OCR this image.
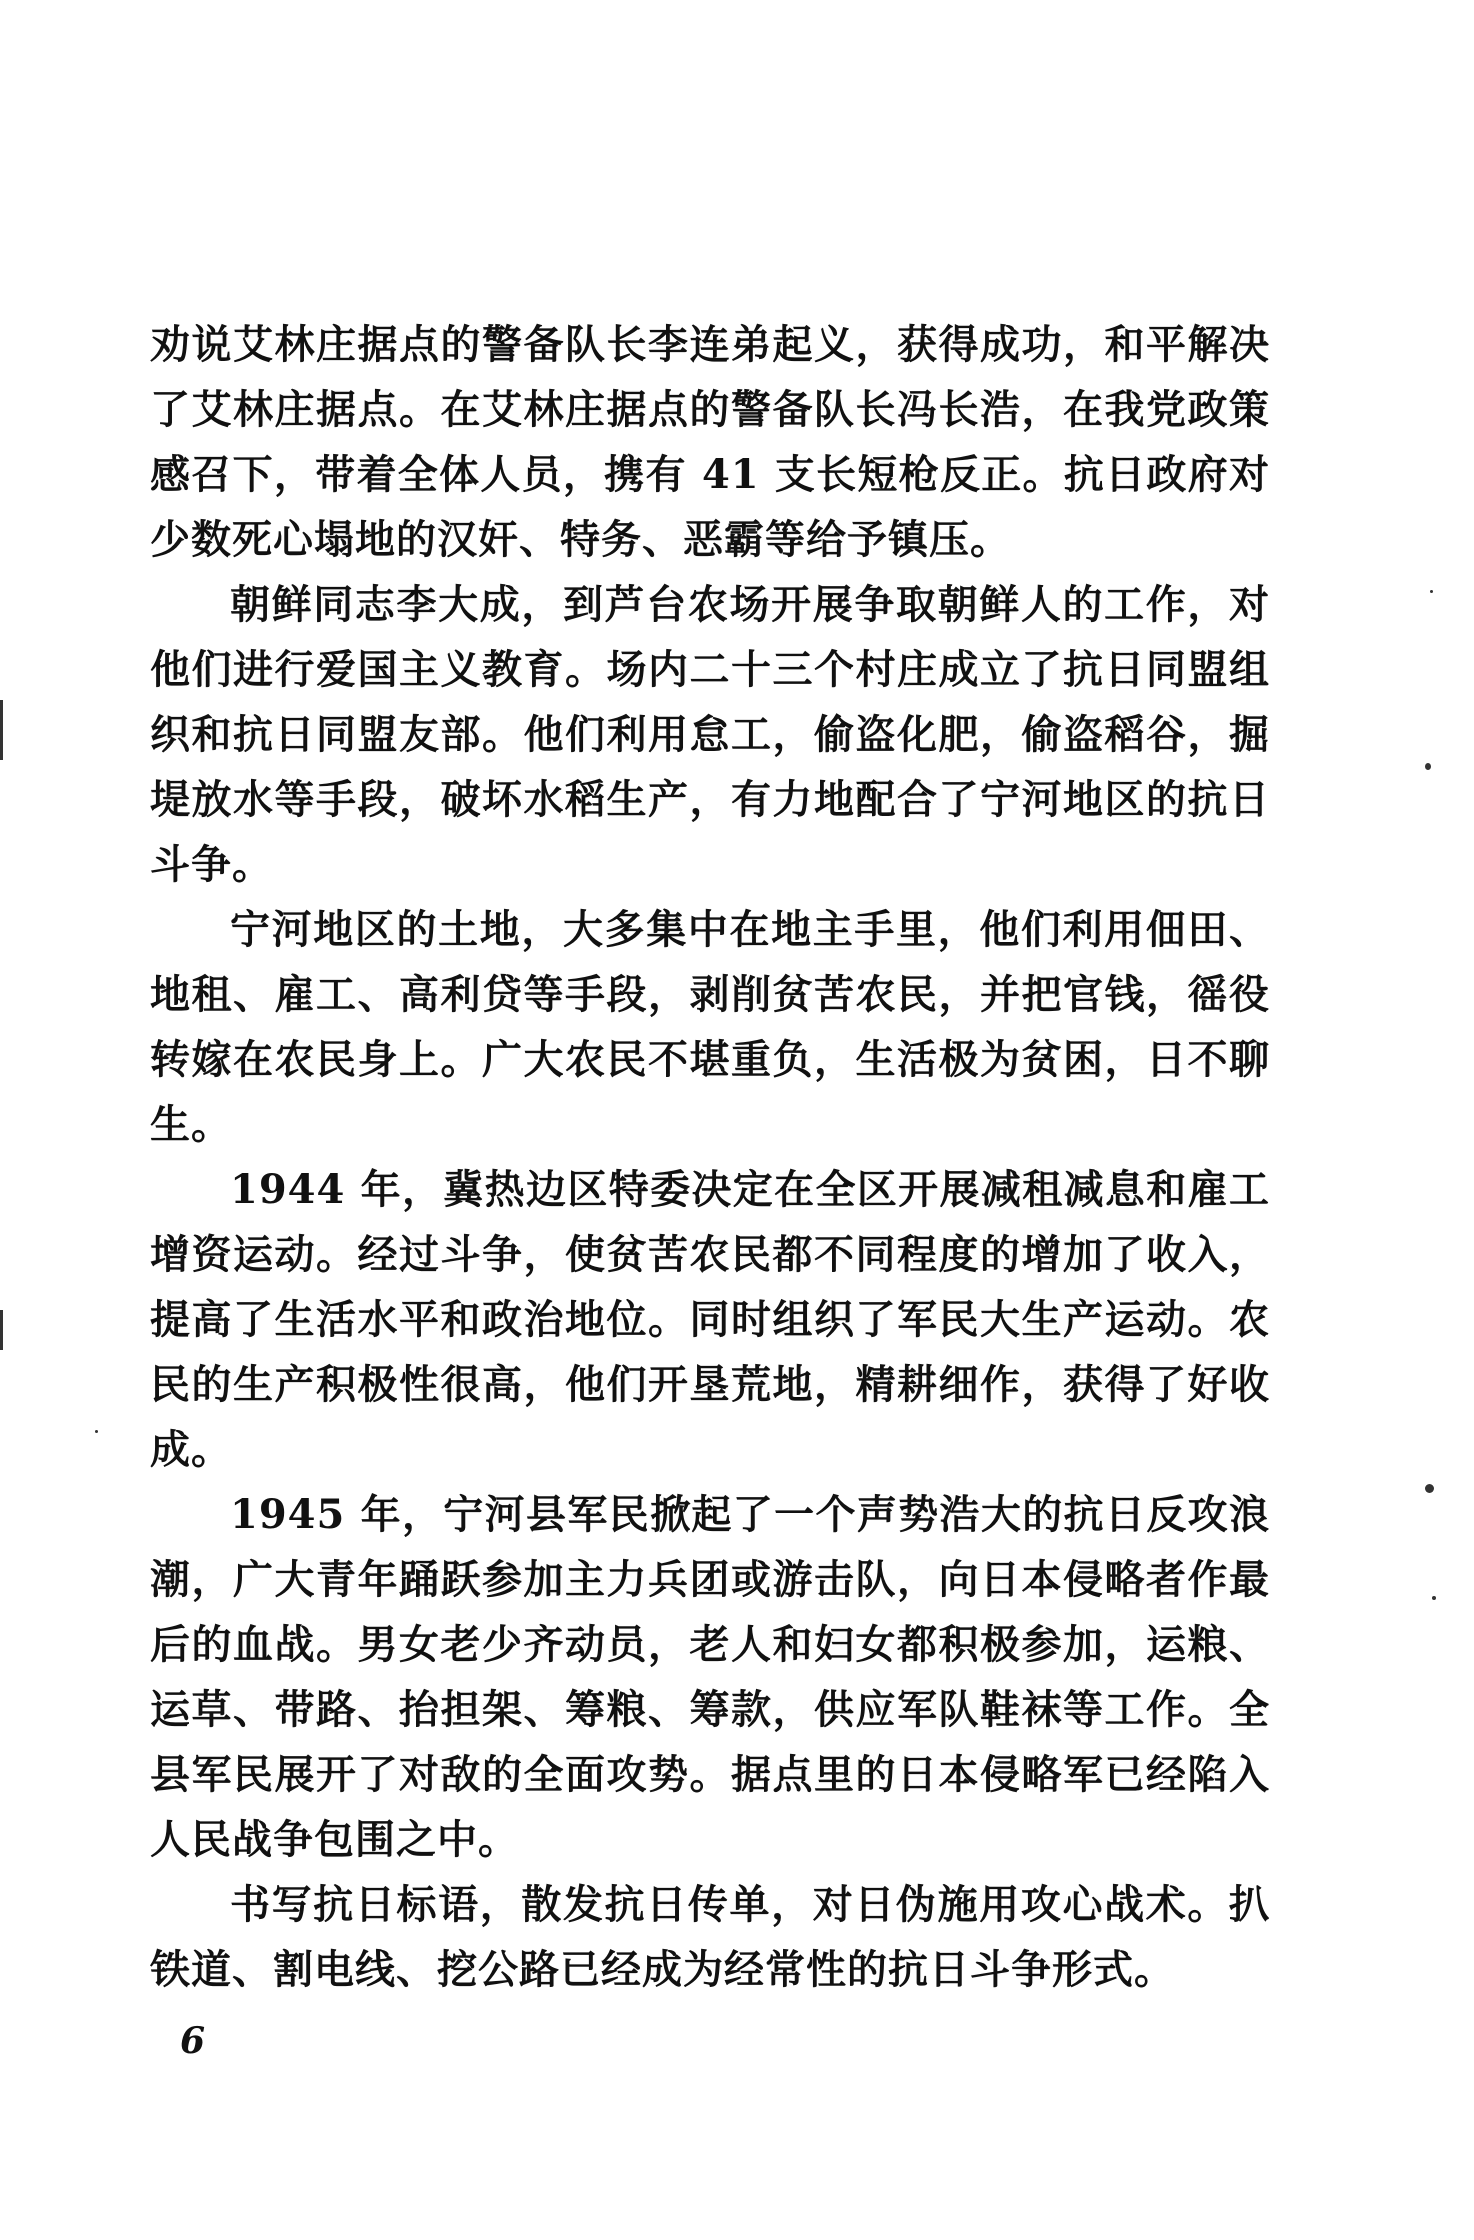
劝说艾林庄据点的警备队长李连弟起义，获得成功，和平解决了艾林庄据点。在艾林庄据点的警备队长冯长浩，在我党政策感召下，带着全体人员，携有 41 支长短枪反正。抗日政府对少数死心塌地的汉奸、特务、恶霸等给予镇压。

朝鲜同志李大成，到芦台农场开展争取朝鲜人的工作，对他们进行爱国主义教育。场内二十三个村庄成立了抗日同盟组织和抗日同盟友部。他们利用怠工，偷盗化肥，偷盗稻谷，掘堤放水等手段，破坏水稻生产，有力地配合了宁河地区的抗日斗争。

宁河地区的土地，大多集中在地主手里，他们利用佃田、地租、雇工、高利贷等手段，剥削贫苦农民，并把官钱，徭役转嫁在农民身上。广大农民不堪重负，生活极为贫困，日不聊生。

1944 年，冀热边区特委决定在全区开展减租减息和雇工增资运动。经过斗争，使贫苦农民都不同程度的增加了收入，提高了生活水平和政治地位。同时组织了军民大生产运动。农民的生产积极性很高，他们开垦荒地，精耕细作，获得了好收成。

1945 年，宁河县军民掀起了一个声势浩大的抗日反攻浪潮，广大青年踊跃参加主力兵团或游击队，向日本侵略者作最后的血战。男女老少齐动员，老人和妇女都积极参加，运粮、运草、带路、抬担架、筹粮、筹款，供应军队鞋袜等工作。全县军民展开了对敌的全面攻势。据点里的日本侵略军已经陷入人民战争包围之中。

书写抗日标语，散发抗日传单，对日伪施用攻心战术。扒铁道、割电线、挖公路已经成为经常性的抗日斗争形式。

6
